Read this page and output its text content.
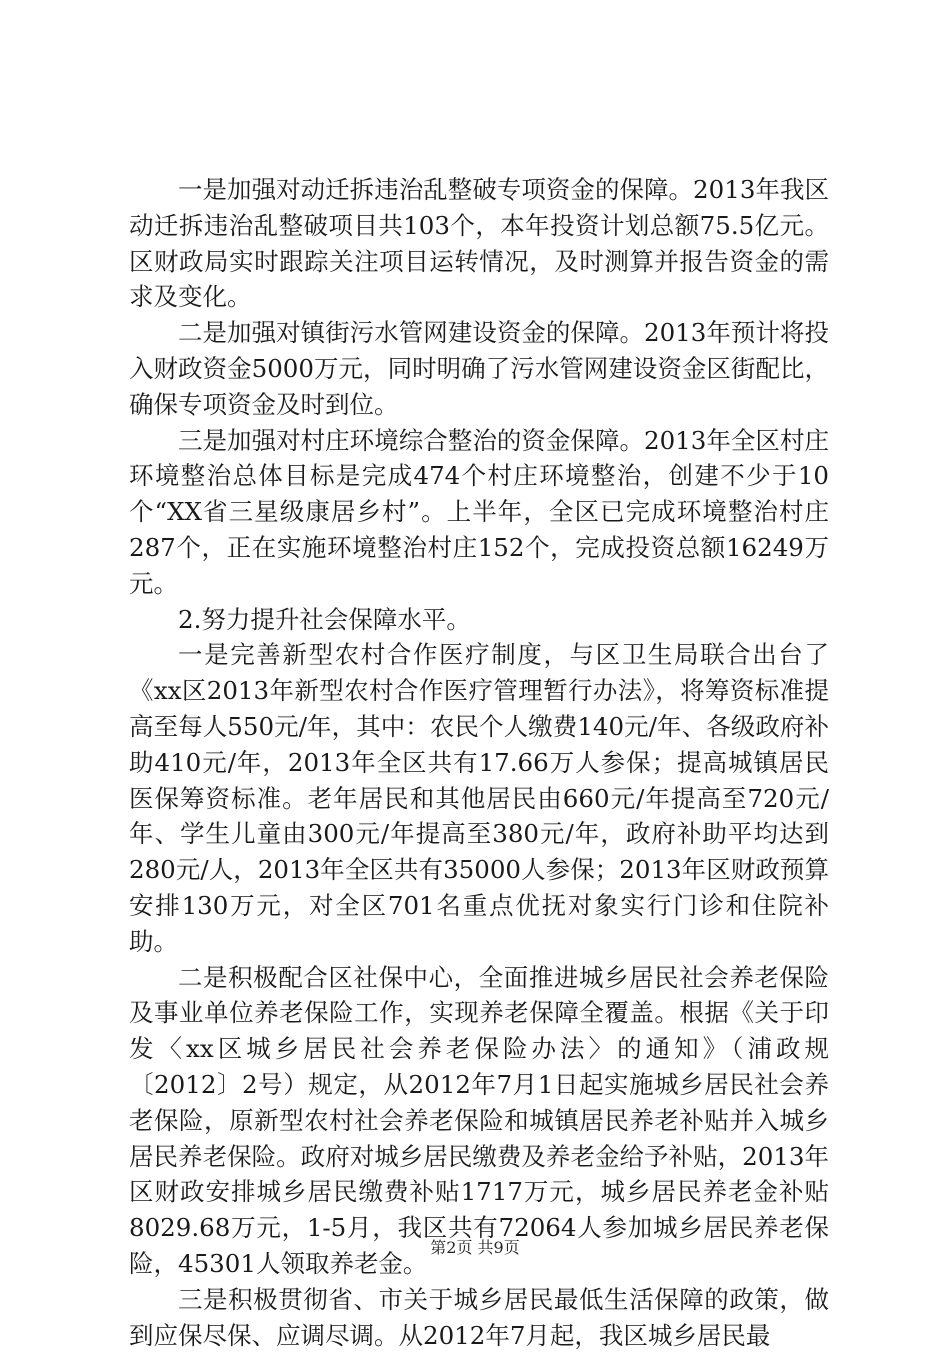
一是加强对动迁拆违治乱整破专项资金的保障。2013年我区动迁拆违治乱整破项目共103个，本年投资计划总额75.5亿元。区财政局实时跟踪关注项目运转情况，及时测算并报告资金的需求及变化。

二是加强对镇街污水管网建设资金的保障。2013年预计将投入财政资金5000万元，同时明确了污水管网建设资金区街配比，确保专项资金及时到位。

三是加强对村庄环境综合整治的资金保障。2013年全区村庄环境整治总体目标是完成474个村庄环境整治，创建不少于10个“XX省三星级康居乡村”。上半年，全区已完成环境整治村庄287个，正在实施环境整治村庄152个，完成投资总额16249万元。

2.努力提升社会保障水平。

一是完善新型农村合作医疗制度，与区卫生局联合出台了《xx区2013年新型农村合作医疗管理暂行办法》，将筹资标准提高至每人550元/年，其中：农民个人缴费140元/年、各级政府补助410元/年，2013年全区共有17.66万人参保；提高城镇居民医保筹资标准。老年居民和其他居民由660元/年提高至720元/年、学生儿童由300元/年提高至380元/年，政府补助平均达到280元/人，2013年全区共有35000人参保；2013年区财政预算安排130万元，对全区701名重点优抚对象实行门诊和住院补助。

二是积极配合区社保中心，全面推进城乡居民社会养老保险及事业单位养老保险工作，实现养老保障全覆盖。根据《关于印发〈xx区城乡居民社会养老保险办法〉的通知》（浦政规〔2012〕2号）规定，从2012年7月1日起实施城乡居民社会养老保险，原新型农村社会养老保险和城镇居民养老补贴并入城乡居民养老保险。政府对城乡居民缴费及养老金给予补贴，2013年区财政安排城乡居民缴费补贴1717万元，城乡居民养老金补贴8029.68万元，1-5月，我区共有72064人参加城乡居民养老保险，45301人领取养老金。

三是积极贯彻省、市关于城乡居民最低生活保障的政策，做到应保尽保、应调尽调。从2012年7月起，我区城乡居民最

第2页 共9页
